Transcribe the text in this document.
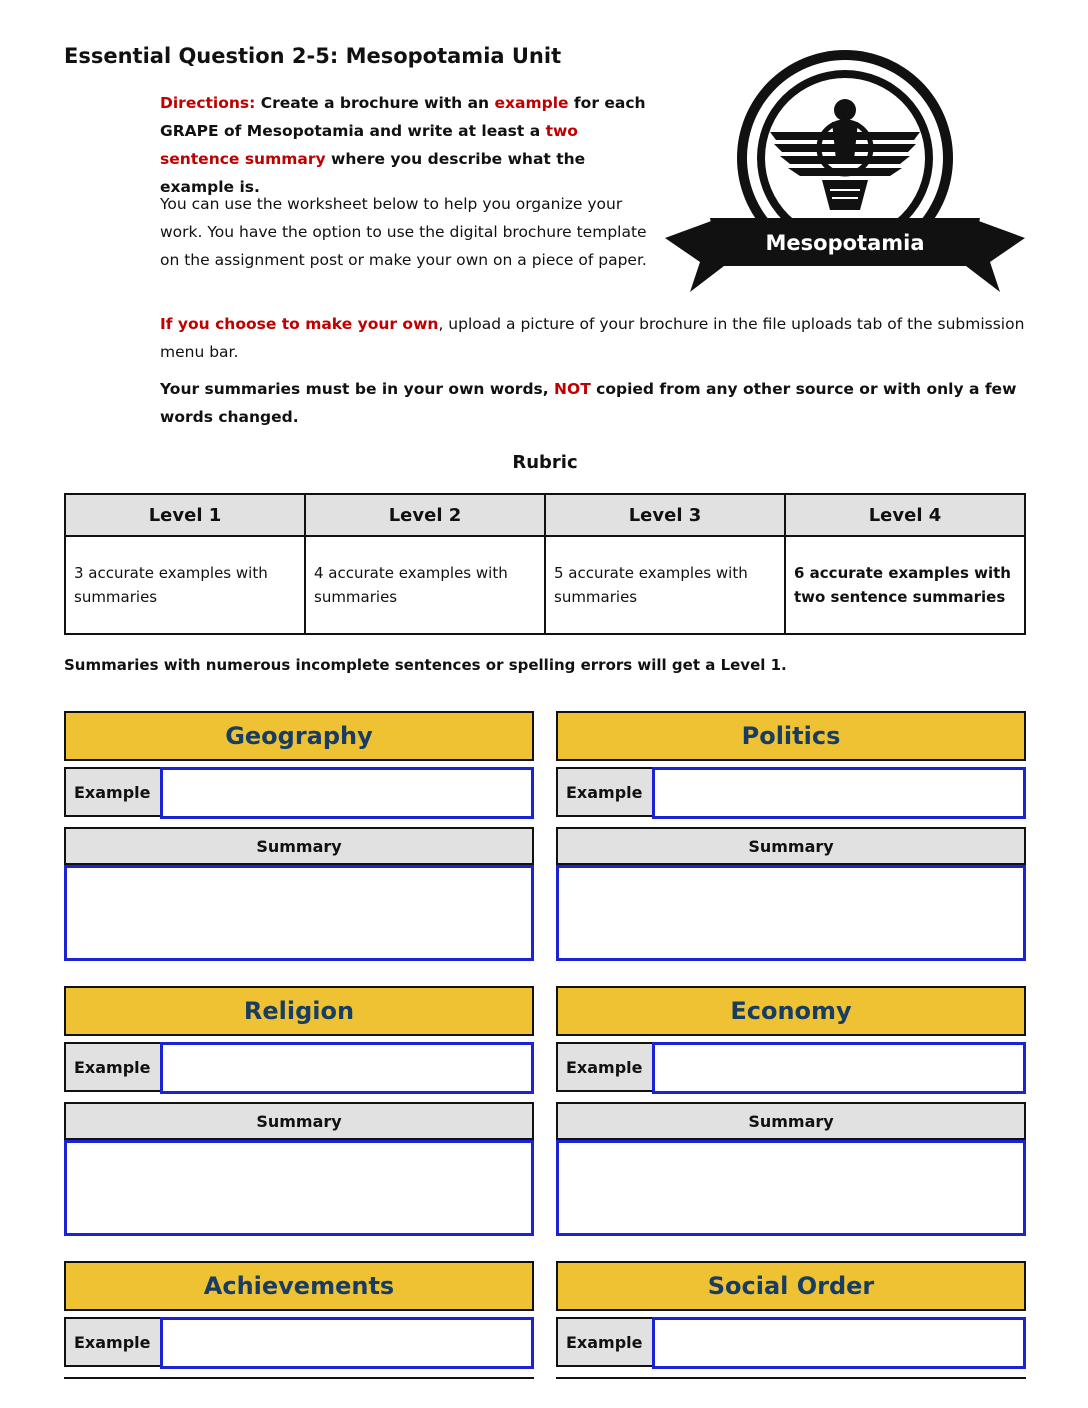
Essential Question 2-5: Mesopotamia Unit

Directions: Create a brochure with an example for each GRAPE of Mesopotamia and write at least a two sentence summary where you describe what the example is.

You can use the worksheet below to help you organize your work. You have the option to use the digital brochure template on the assignment post or make your own on a piece of paper.

If you choose to make your own, upload a picture of your brochure in the file uploads tab of the submission menu bar.

Your summaries must be in your own words, NOT copied from any other source or with only a few words changed.

Mesopotamia
Rubric
Level 1	Level 2	Level 3	Level 4
3 accurate examples with summaries	4 accurate examples with summaries	5 accurate examples with summaries	6 accurate examples with two sentence summaries
Summaries with numerous incomplete sentences or spelling errors will get a Level 1.
Geography
Example
Summary
Politics
Example
Summary
Religion
Example
Summary
Economy
Example
Summary
Achievements
Example
Social Order
Example
